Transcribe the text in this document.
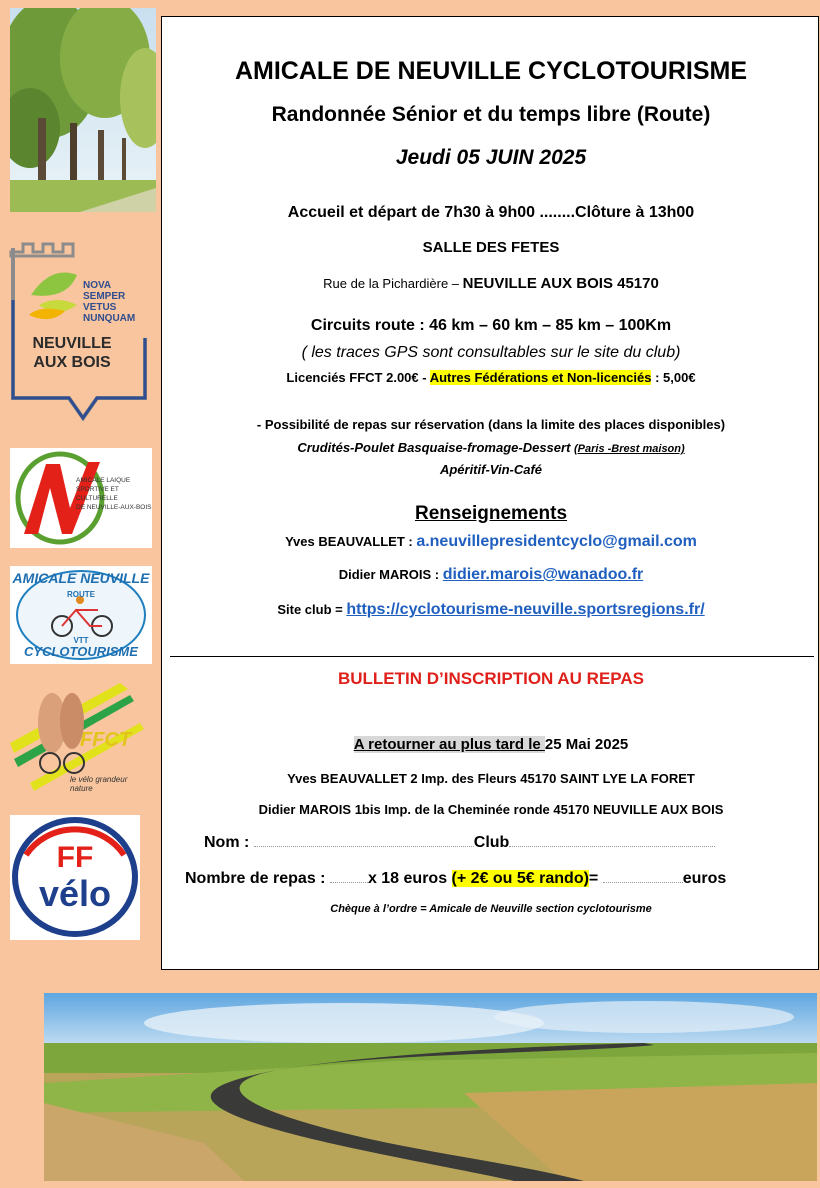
NOVA
SEMPER
VETUS
NUNQUAM
NEUVILLE
AUX BOIS
AMICALE LAIQUE
SPORTIVE ET CULTURELLE
DE NEUVILLE-AUX-BOIS
AMICALE NEUVILLE
ROUTE
VTT
CYCLOTOURISME
FFCT
le vélo grandeur nature
FF
vélo
AMICALE DE NEUVILLE CYCLOTOURISME
Randonnée Sénior et du temps libre (Route)
Jeudi 05 JUIN 2025
Accueil et départ de 7h30 à 9h00 ........Clôture à 13h00
SALLE DES FETES
Rue de la Pichardière – NEUVILLE AUX BOIS 45170
Circuits route : 46 km – 60 km – 85 km – 100Km
( les traces GPS sont consultables sur le site du club)
Licenciés FFCT 2.00€ - Autres Fédérations et Non-licenciés : 5,00€
- Possibilité de repas sur réservation (dans la limite des places disponibles)
Crudités-Poulet Basquaise-fromage-Dessert (Paris -Brest maison)
Apéritif-Vin-Café
Renseignements
Yves BEAUVALLET : a.neuvillepresidentcyclo@gmail.com
Didier MAROIS : didier.marois@wanadoo.fr
Site club = https://cyclotourisme-neuville.sportsregions.fr/
BULLETIN D’INSCRIPTION AU REPAS
A retourner au plus tard le 25 Mai 2025
Yves BEAUVALLET 2 Imp. des Fleurs 45170 SAINT LYE LA FORET
Didier MAROIS 1bis Imp. de la Cheminée ronde 45170 NEUVILLE AUX BOIS
Nom :	Club
Nombre de repas : x 18 euros (+ 2€ ou 5€ rando)=	euros
Chèque à l’ordre = Amicale de Neuville section cyclotourisme
